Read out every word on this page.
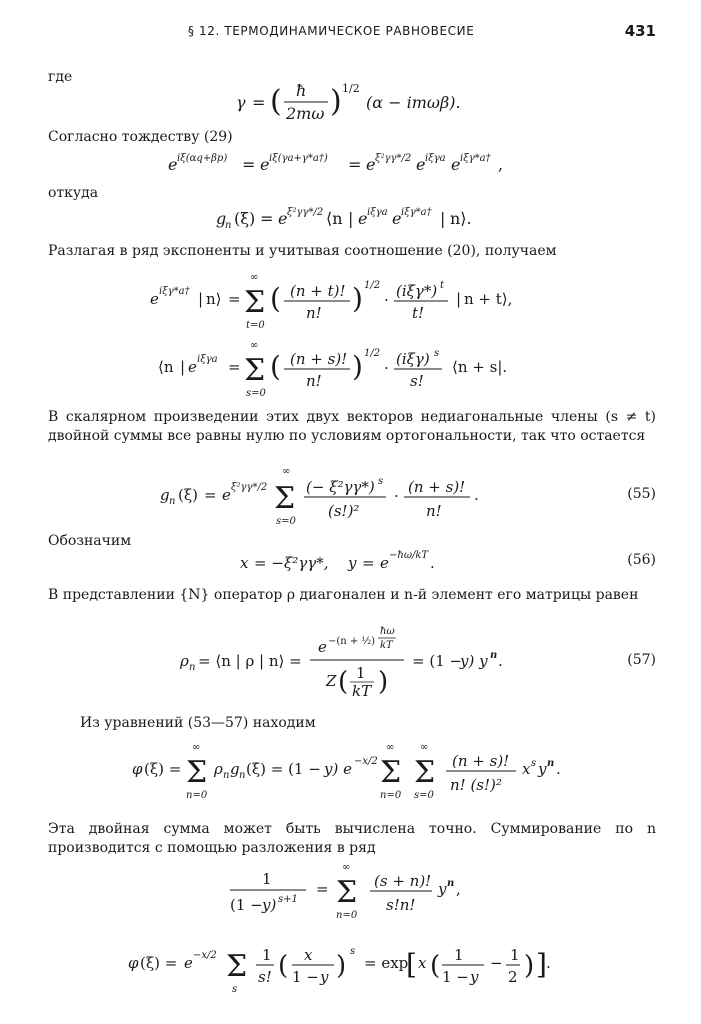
§ 12. ТЕРМОДИНАМИЧЕСКОЕ РАВНОВЕСИЕ	431
где
γ = ( ħ
2mω ) 1/2
(α − imωβ).
Согласно тождеству (29)
e iξ(αq+βp) = e iξ(γa+γ*a†) = e ξ²γγ*/2 e iξγa e iξγ*a† ,
откуда
g
n (ξ) = e ξ²γγ*/2 ⟨n | e iξγa e iξγ*a† | n⟩.
Разлагая в ряд экспоненты и учитывая соотношение (20), получаем
e iξγ*a† | n⟩ =
∞
Σ
t=0
( (n + t)!
n! ) 1/2
· (iξγ*) t
t!
| n + t⟩,
⟨n | e iξγa =
∞
Σ
s=0
( (n + s)!
n! ) 1/2
· (iξγ) s
s!
⟨n + s|.
В скалярном произведении этих двух векторов недиагональные члены (s ≠ t) двойной суммы все равны нулю по условиям ортогональности, так что остается
g n (ξ) = e ξ²γγ*/2
∞
Σ
s=0
(− ξ²γγ*) s
(s!)²
· (n + s)!
n!
.	(55)
Обозначим
x = − ξ²γγ*, y = e −ħω/kT .	(56)
В представлении {N} оператор ρ диагонален и n-й элемент его матрицы равен
ρ n = ⟨n | ρ | n⟩ =
e −(n + ½)
ħω
kT
Z ( 1
kT )
= (1 −
y) y n .	(57)
Из уравнений (53—57) находим
φ (ξ) =
∞
Σ
n=0
ρ n g n (ξ) = (1 − y) e −x/2
∞
Σ
n=0
∞
Σ
s=0
(n + s)!
n! (s!)²
x s y n .
Эта двойная сумма может быть вычислена точно. Суммирование по n производится с помощью разложения в ряд
1
(1 − y) s+1
=
∞
Σ
n=0
(s + n)!
s!n!
y n ,
φ (ξ) = e −x/2 Σ
s
1
s! ( x
1 − y ) s
= exp
[ x ( 1
1 − y
− 1
2 ) ] .
